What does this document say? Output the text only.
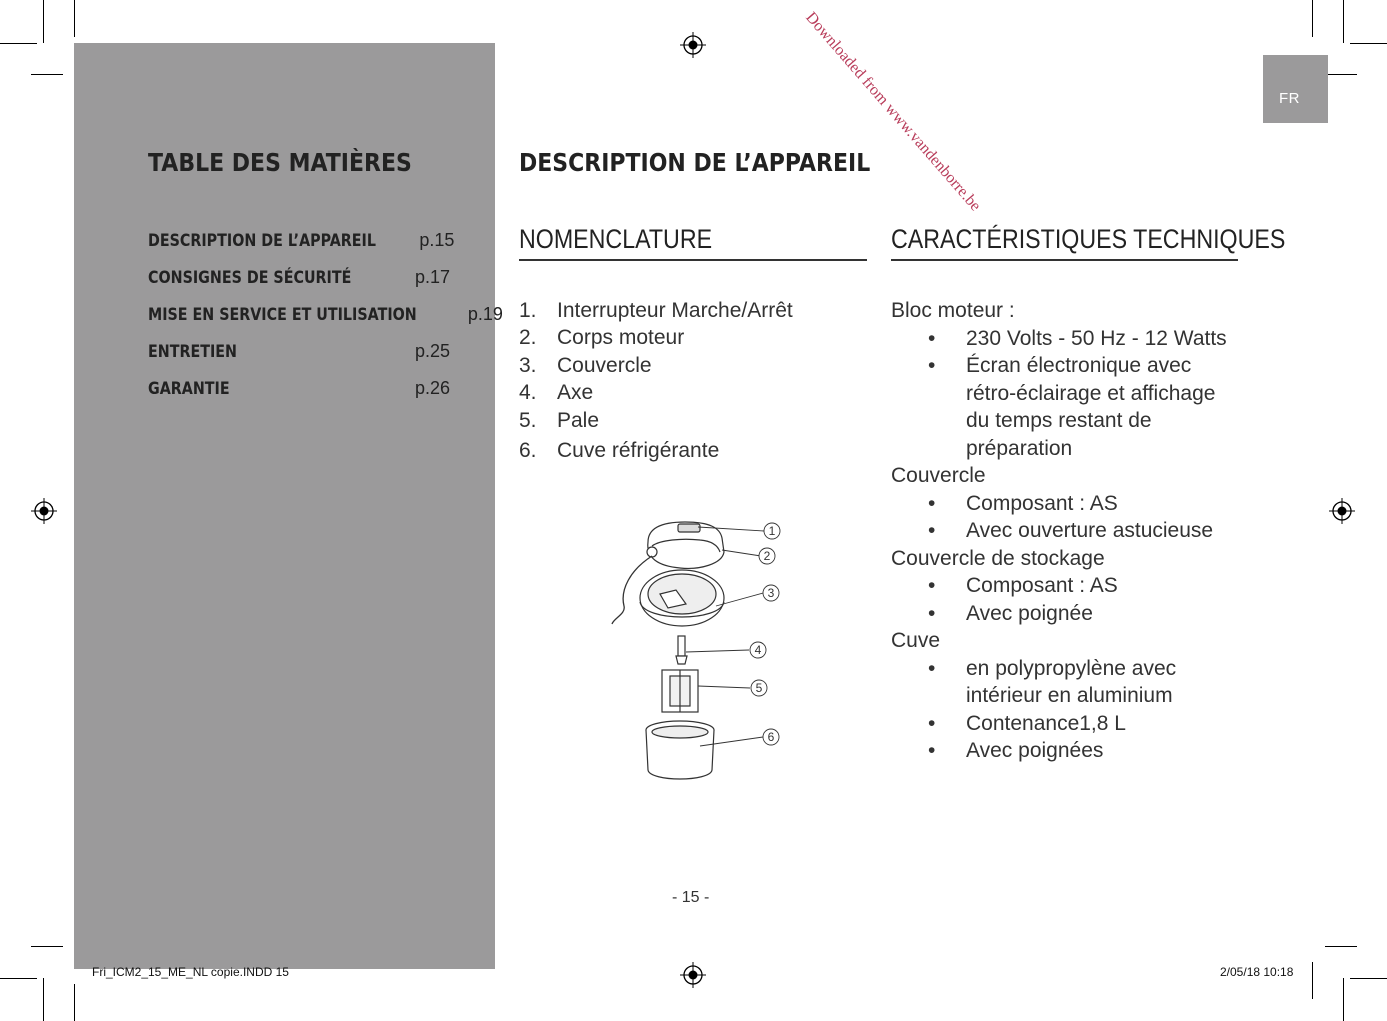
TABLE DES MATIÈRES
DESCRIPTION DE L’APPAREIL p.15
CONSIGNES DE SÉCURITÉ	p.17
MISE EN SERVICE ET UTILISATION	p.19
ENTRETIEN	p.25
GARANTIE	p.26
FR
Downloaded from www.vandenborre.be
DESCRIPTION DE L’APPAREIL
NOMENCLATURE	CARACTÉRISTIQUES TECHNIQUES
1. Interrupteur Marche/Arrêt
2. Corps moteur
3. Couvercle
4. Axe
5. Pale
6. Cuve réfrigérante
1
2
3
4
5
6
Bloc moteur :
•	230 Volts - 50 Hz - 12 Watts
•	Écran électronique avec rétro-éclairage et affichage du temps restant de préparation
Couvercle
•	Composant : AS
•	Avec ouverture astucieuse
Couvercle de stockage
•	Composant : AS
•	Avec poignée
Cuve
•	en polypropylène avec intérieur en aluminium
•	Contenance1,8 L
•	Avec poignées
- 15 -
Fri_ICM2_15_ME_NL copie.INDD 15	2/05/18 10:18
